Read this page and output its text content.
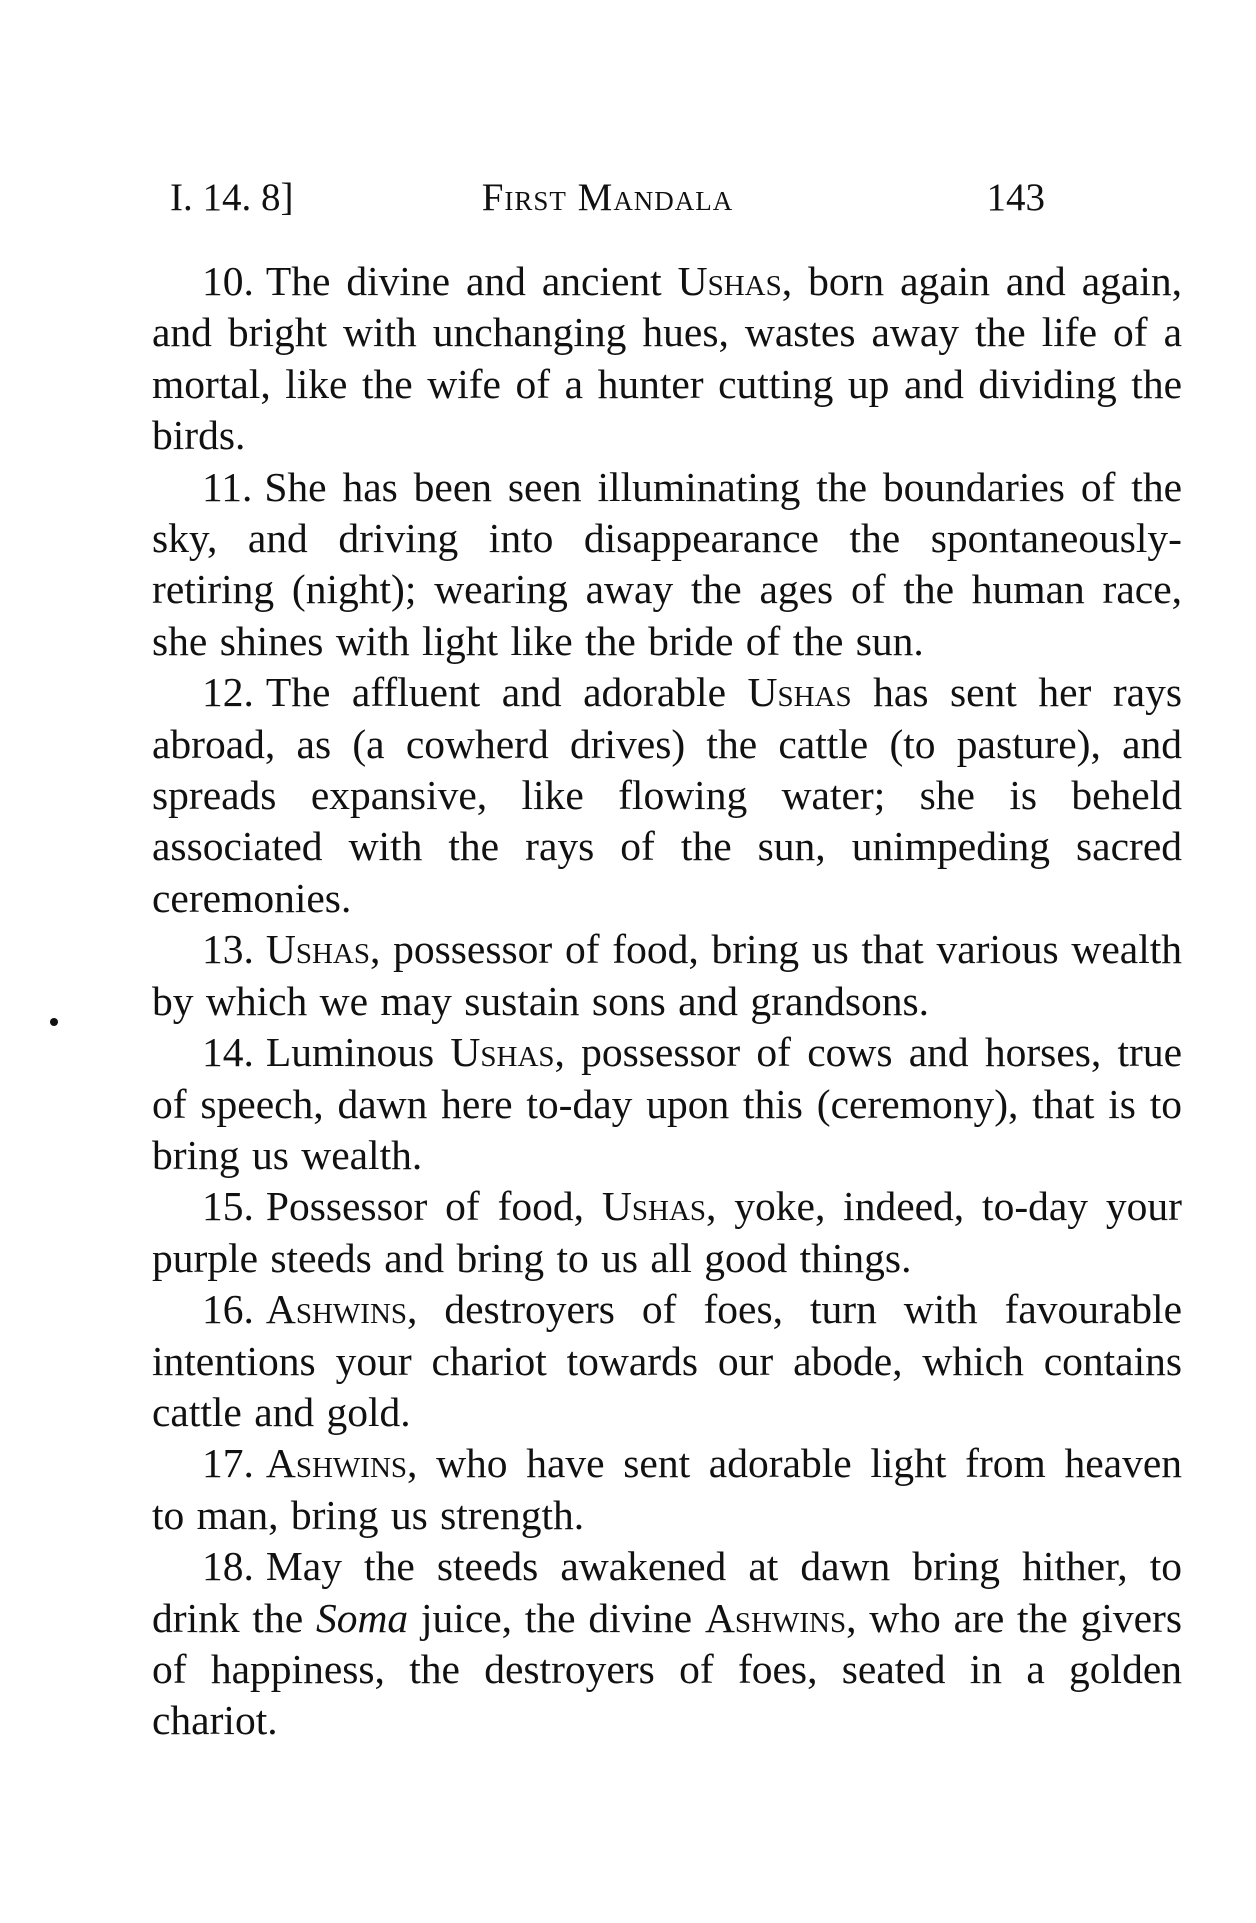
I. 14. 8]	First Mandala	143

10. The divine and ancient Ushas, born again and again, and bright with unchanging hues, wastes away the life of a mortal, like the wife of a hunter cutting up and dividing the birds.

11. She has been seen illuminating the boundaries of the sky, and driving into disappearance the spontaneously-retiring (night); wearing away the ages of the human race, she shines with light like the bride of the sun.

12. The affluent and adorable Ushas has sent her rays abroad, as (a cowherd drives) the cattle (to pasture), and spreads expansive, like flowing water; she is beheld associated with the rays of the sun, unimpeding sacred ceremonies.

13. Ushas, possessor of food, bring us that various wealth by which we may sustain sons and grandsons.

14. Luminous Ushas, possessor of cows and horses, true of speech, dawn here to-day upon this (ceremony), that is to bring us wealth.

15. Possessor of food, Ushas, yoke, indeed, to-day your purple steeds and bring to us all good things.

16. Ashwins, destroyers of foes, turn with favourable intentions your chariot towards our abode, which contains cattle and gold.

17. Ashwins, who have sent adorable light from heaven to man, bring us strength.

18. May the steeds awakened at dawn bring hither, to drink the Soma juice, the divine Ashwins, who are the givers of happiness, the destroyers of foes, seated in a golden chariot.
